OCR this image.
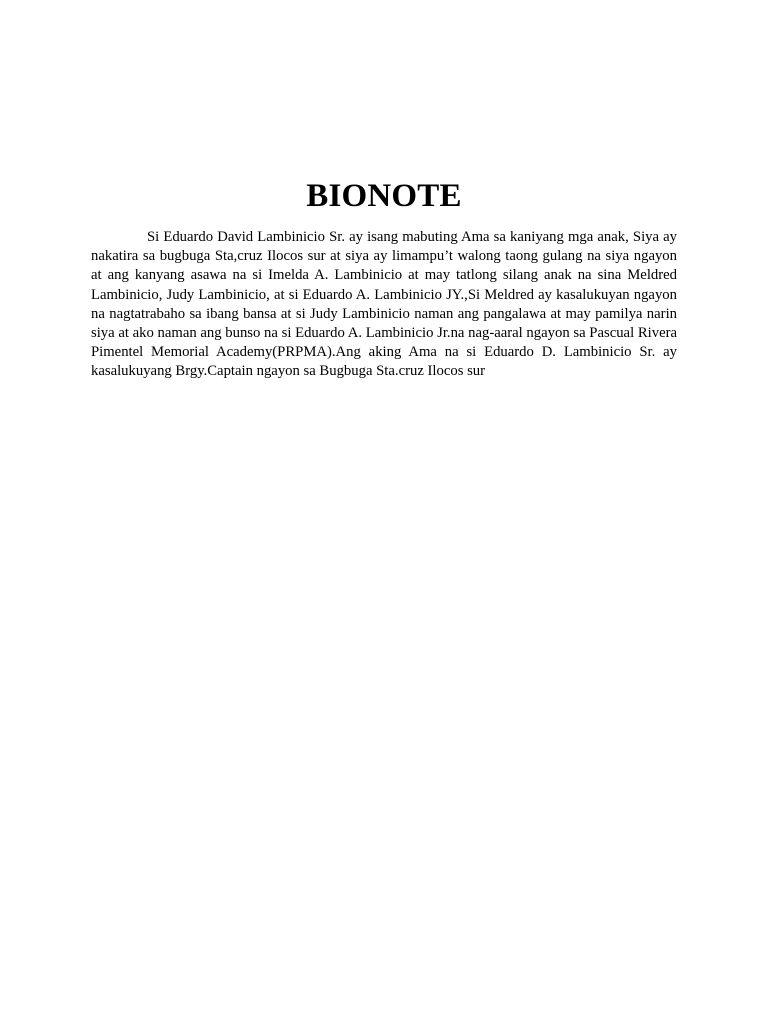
BIONOTE

Si Eduardo David Lambinicio Sr. ay isang mabuting Ama sa kaniyang mga anak, Siya ay nakatira sa bugbuga Sta,cruz Ilocos sur at siya ay limampu’t walong taong gulang na siya ngayon at ang kanyang asawa na si Imelda A. Lambinicio at may tatlong silang anak na sina Meldred Lambinicio, Judy Lambinicio, at si Eduardo A. Lambinicio JY.,Si Meldred ay kasalukuyan ngayon na nagtatrabaho sa ibang bansa at si Judy Lambinicio naman ang pangalawa at may pamilya narin siya at ako naman ang bunso na si Eduardo A. Lambinicio Jr.na nag-aaral ngayon sa Pascual Rivera Pimentel Memorial Academy(PRPMA).Ang aking Ama na si Eduardo D. Lambinicio Sr. ay kasalukuyang Brgy.Captain ngayon sa Bugbuga Sta.cruz Ilocos sur
